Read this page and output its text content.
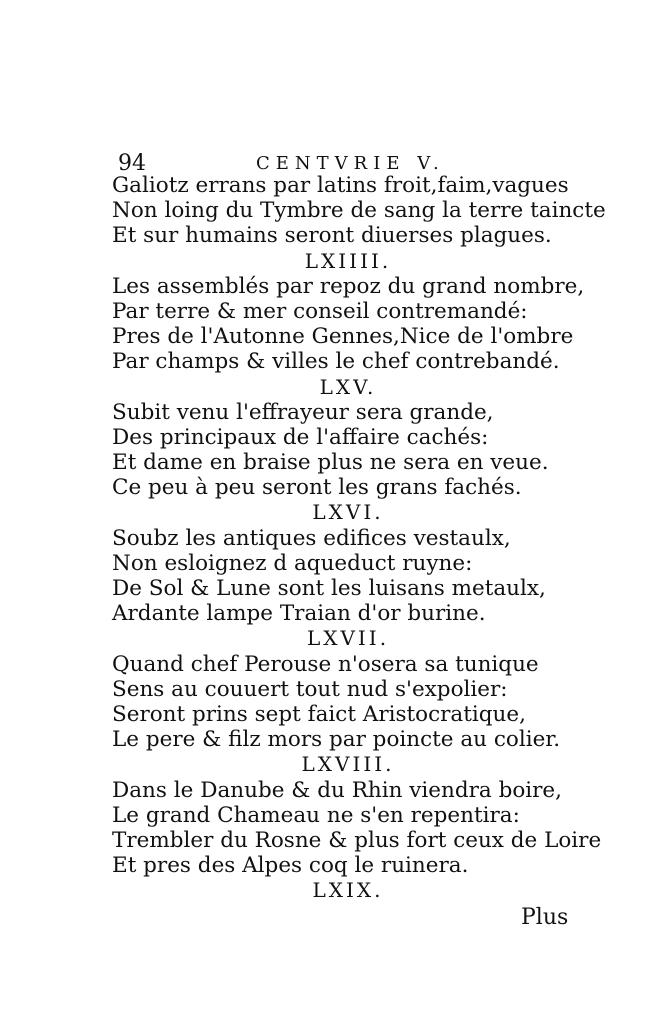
94	CENTVRIE V.
Galiotz errans par latins froit,faim,vagues
Non loing du Tymbre de sang la terre taincte
Et sur humains seront diuerses plagues.
LXIIII.
Les assemblés par repoz du grand nombre,
Par terre & mer conseil contremandé:
Pres de l'Autonne Gennes,Nice de l'ombre
Par champs & villes le chef contrebandé.
LXV.
Subit venu l'effrayeur sera grande,
Des principaux de l'affaire cachés:
Et dame en braise plus ne sera en veue.
Ce peu à peu seront les grans fachés.
LXVI.
Soubz les antiques edifices vestaulx,
Non esloignez d aqueduct ruyne:
De Sol & Lune sont les luisans metaulx,
Ardante lampe Traian d'or burine.
LXVII.
Quand chef Perouse n'osera sa tunique
Sens au couuert tout nud s'expolier:
Seront prins sept faict Aristocratique,
Le pere & filz mors par poincte au colier.
LXVIII.
Dans le Danube & du Rhin viendra boire,
Le grand Chameau ne s'en repentira:
Trembler du Rosne & plus fort ceux de Loire
Et pres des Alpes coq le ruinera.
LXIX.
Plus
